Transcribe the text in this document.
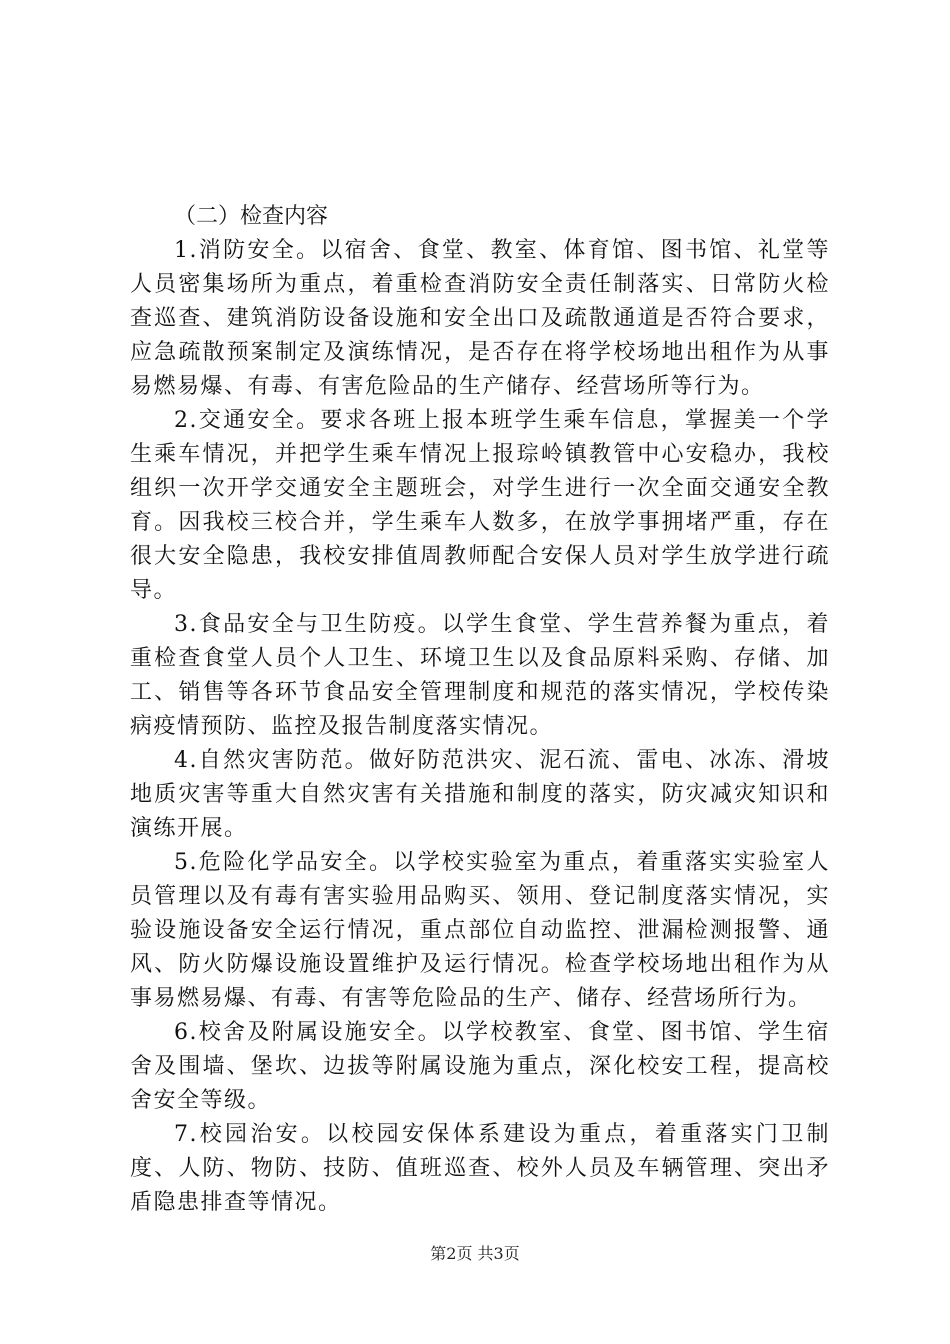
（二）检查内容

1.消防安全。以宿舍、食堂、教室、体育馆、图书馆、礼堂等人员密集场所为重点，着重检查消防安全责任制落实、日常防火检查巡查、建筑消防设备设施和安全出口及疏散通道是否符合要求，应急疏散预案制定及演练情况，是否存在将学校场地出租作为从事易燃易爆、有毒、有害危险品的生产储存、经营场所等行为。

2.交通安全。要求各班上报本班学生乘车信息，掌握美一个学生乘车情况，并把学生乘车情况上报琮岭镇教管中心安稳办，我校组织一次开学交通安全主题班会，对学生进行一次全面交通安全教育。因我校三校合并，学生乘车人数多，在放学事拥堵严重，存在很大安全隐患，我校安排值周教师配合安保人员对学生放学进行疏导。

3.食品安全与卫生防疫。以学生食堂、学生营养餐为重点，着重检查食堂人员个人卫生、环境卫生以及食品原料采购、存储、加工、销售等各环节食品安全管理制度和规范的落实情况，学校传染病疫情预防、监控及报告制度落实情况。

4.自然灾害防范。做好防范洪灾、泥石流、雷电、冰冻、滑坡地质灾害等重大自然灾害有关措施和制度的落实，防灾减灾知识和演练开展。

5.危险化学品安全。以学校实验室为重点，着重落实实验室人员管理以及有毒有害实验用品购买、领用、登记制度落实情况，实验设施设备安全运行情况，重点部位自动监控、泄漏检测报警、通风、防火防爆设施设置维护及运行情况。检查学校场地出租作为从事易燃易爆、有毒、有害等危险品的生产、储存、经营场所行为。

6.校舍及附属设施安全。以学校教室、食堂、图书馆、学生宿舍及围墙、堡坎、边拔等附属设施为重点，深化校安工程，提高校舍安全等级。

7.校园治安。以校园安保体系建设为重点，着重落实门卫制度、人防、物防、技防、值班巡查、校外人员及车辆管理、突出矛盾隐患排查等情况。

第2页 共3页
